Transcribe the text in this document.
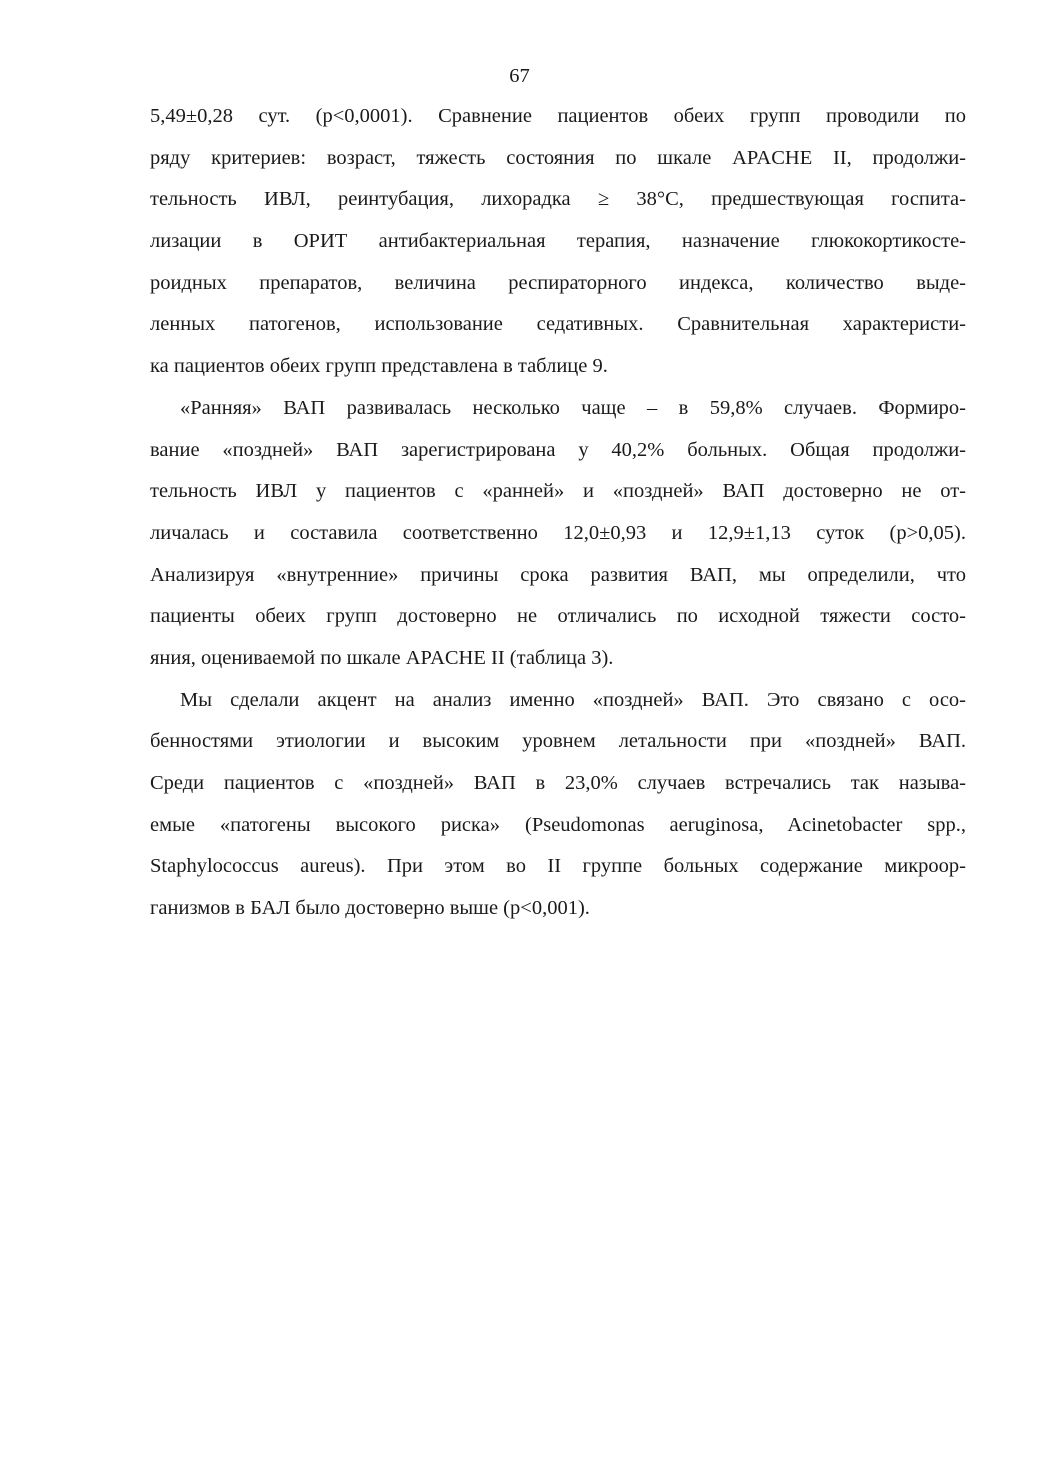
67
5,49±0,28 сут. (р<0,0001). Сравнение пациентов обеих групп проводили по
ряду критериев: возраст, тяжесть состояния по шкале APACHE II, продолжи-
тельность ИВЛ, реинтубация, лихорадка ≥ 38°С, предшествующая госпита-
лизации в ОРИТ антибактериальная терапия, назначение глюкокортикосте-
роидных препаратов, величина респираторного индекса, количество выде-
ленных патогенов, использование седативных. Сравнительная характеристи-
ка пациентов обеих групп представлена в таблице 9.
«Ранняя» ВАП развивалась несколько чаще – в 59,8% случаев. Формиро-
вание «поздней» ВАП зарегистрирована у 40,2% больных. Общая продолжи-
тельность ИВЛ у пациентов с «ранней» и «поздней» ВАП достоверно не от-
личалась и составила соответственно 12,0±0,93 и 12,9±1,13 суток (р>0,05).
Анализируя «внутренние» причины срока развития ВАП, мы определили, что
пациенты обеих групп достоверно не отличались по исходной тяжести состо-
яния, оцениваемой по шкале APACHE II (таблица 3).
Мы сделали акцент на анализ именно «поздней» ВАП. Это связано с осо-
бенностями этиологии и высоким уровнем летальности при «поздней» ВАП.
Среди пациентов с «поздней» ВАП в 23,0% случаев встречались так называ-
емые «патогены высокого риска» (Pseudomonas aeruginosa, Acinetobacter spp.,
Staphylococcus aureus). При этом во II группе больных содержание микроор-
ганизмов в БАЛ было достоверно выше (р<0,001).
